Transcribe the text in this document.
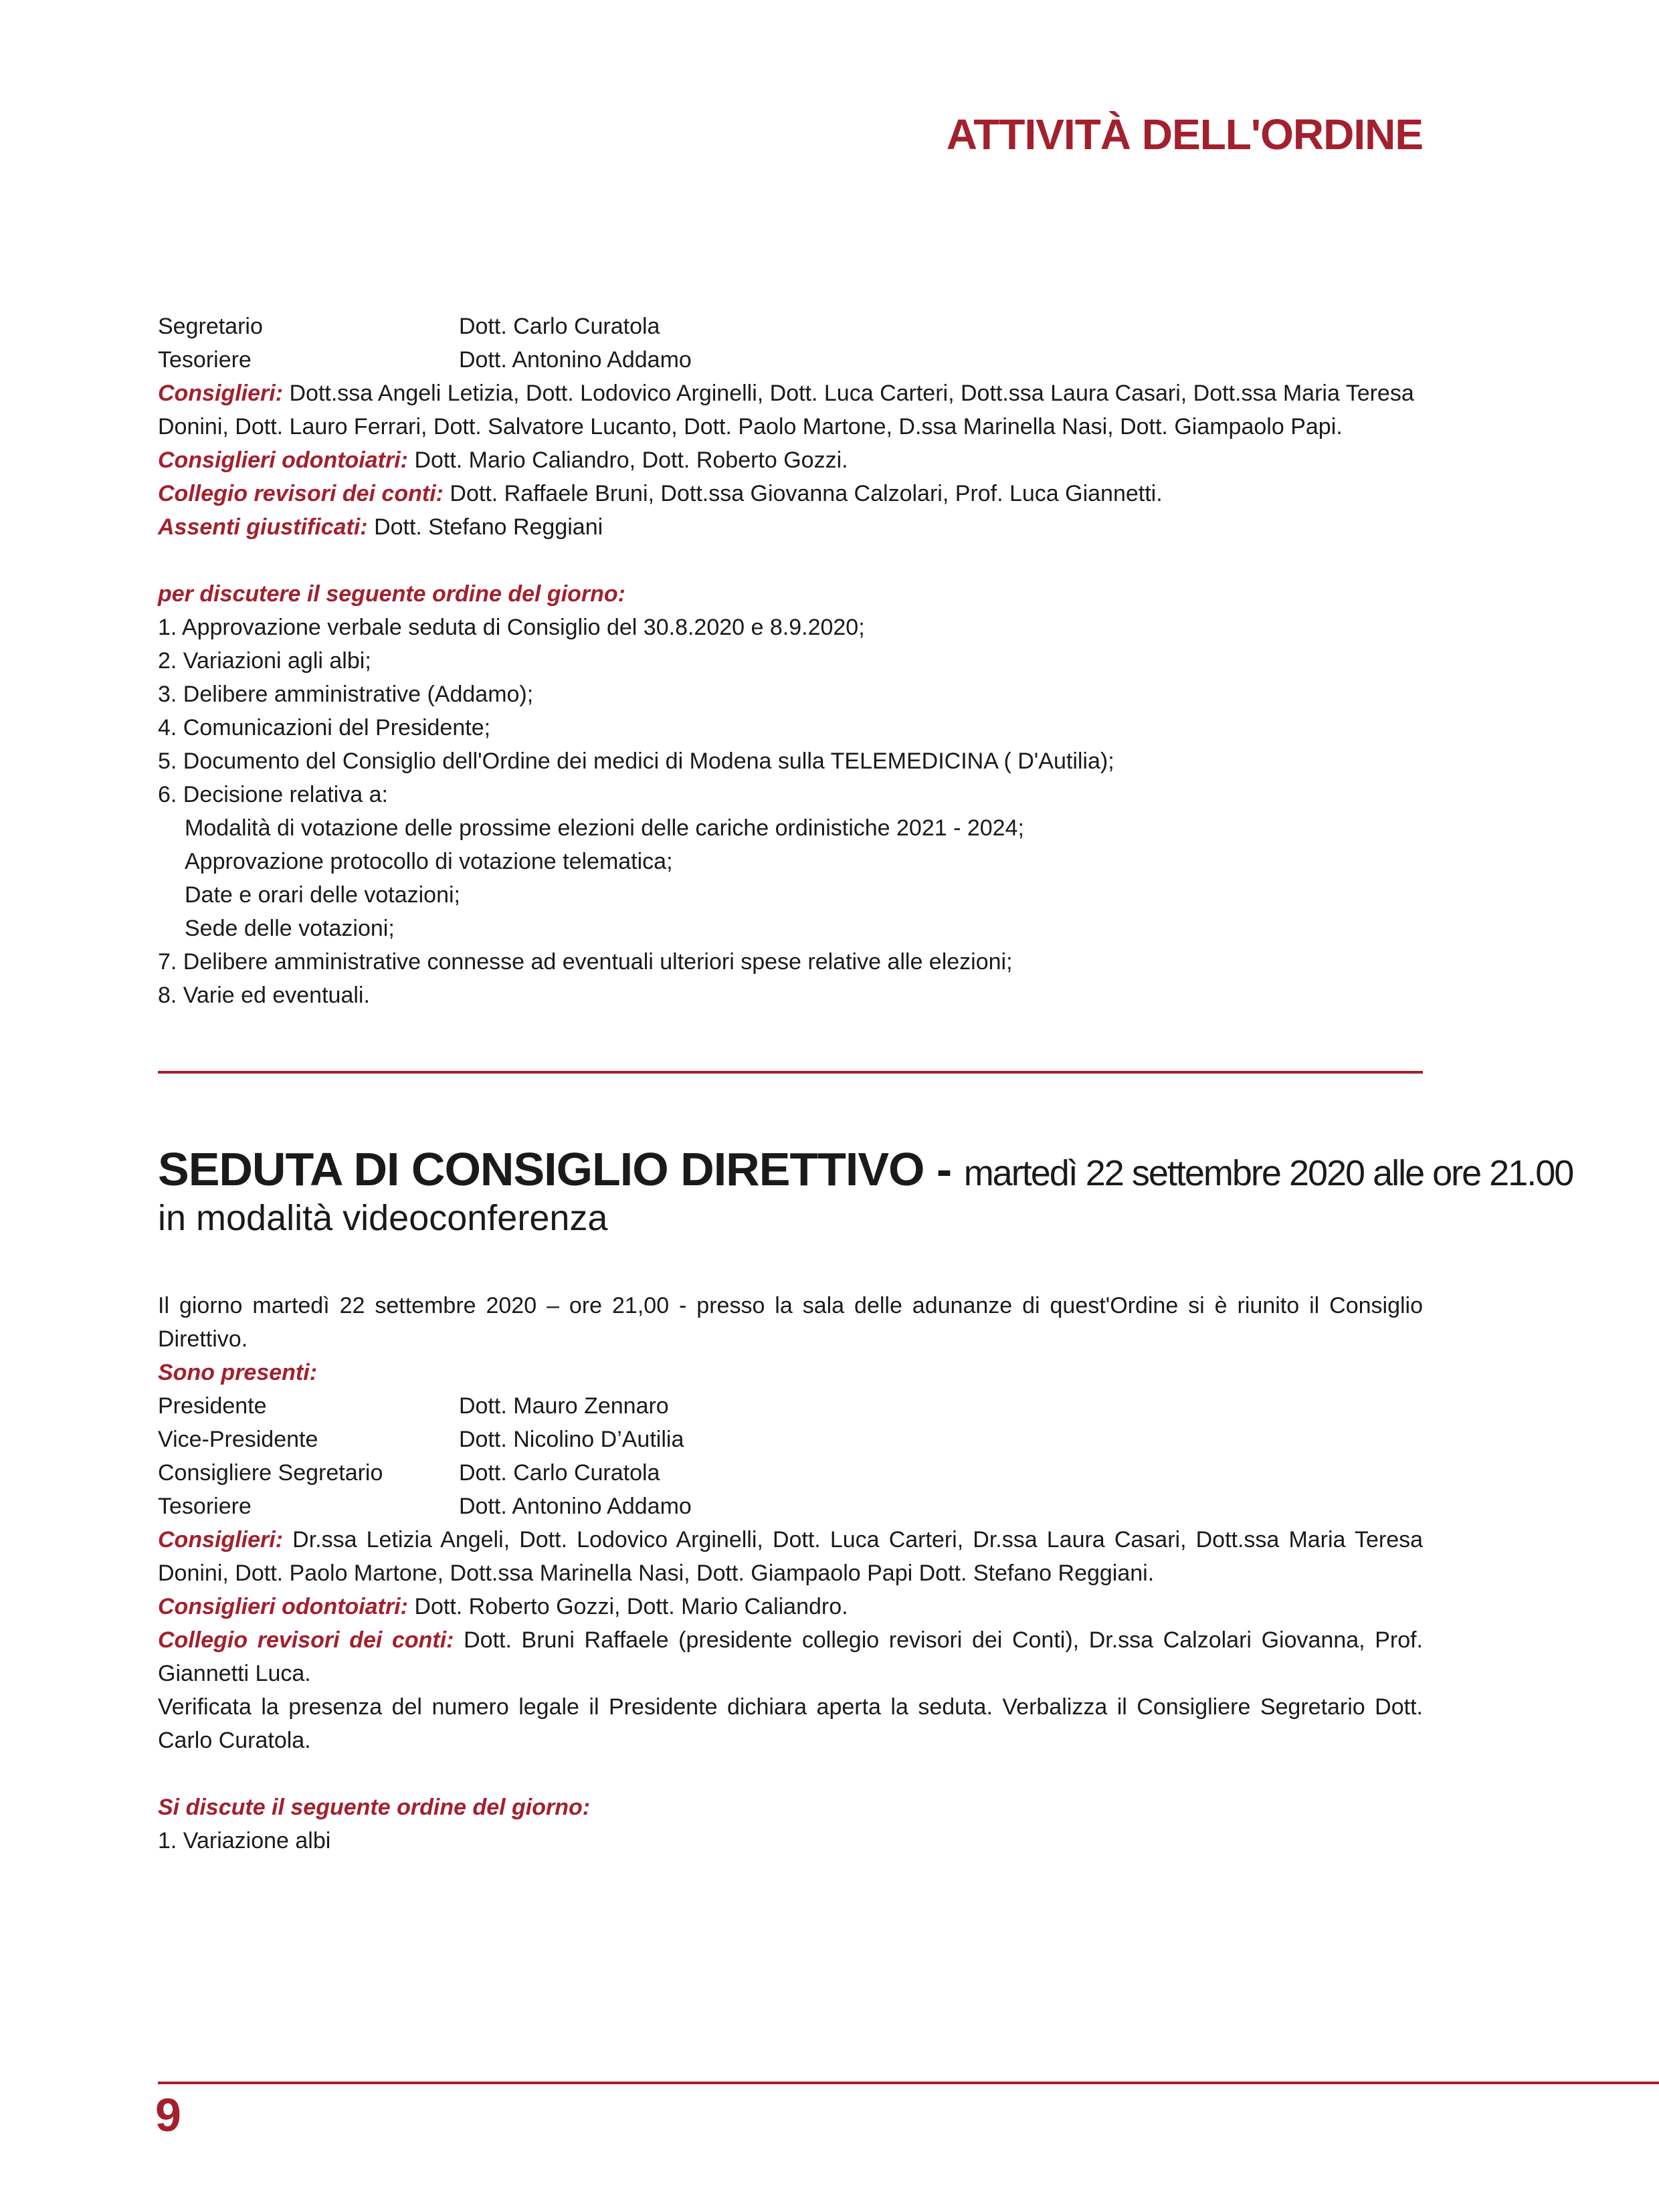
ATTIVITÀ DELL'ORDINE
Segretario	Dott. Carlo Curatola
Tesoriere	Dott. Antonino Addamo
Consiglieri: Dott.ssa Angeli Letizia, Dott. Lodovico Arginelli, Dott. Luca Carteri, Dott.ssa Laura Casari, Dott.ssa Maria Teresa Donini, Dott. Lauro Ferrari, Dott. Salvatore Lucanto, Dott. Paolo Martone, D.ssa Marinella Nasi, Dott. Giampaolo Papi.
Consiglieri odontoiatri: Dott. Mario Caliandro, Dott. Roberto Gozzi.
Collegio revisori dei conti: Dott. Raffaele Bruni, Dott.ssa Giovanna Calzolari, Prof. Luca Giannetti.
Assenti giustificati: Dott. Stefano Reggiani
per discutere il seguente ordine del giorno:
1. Approvazione verbale seduta di Consiglio del 30.8.2020 e 8.9.2020;
2. Variazioni agli albi;
3. Delibere amministrative (Addamo);
4. Comunicazioni del Presidente;
5. Documento del Consiglio dell'Ordine dei medici di Modena sulla TELEMEDICINA ( D'Autilia);
6. Decisione relativa a:
Modalità di votazione delle prossime elezioni delle cariche ordinistiche 2021 - 2024;
Approvazione protocollo di votazione telematica;
Date e orari delle votazioni;
Sede delle votazioni;
7. Delibere amministrative connesse ad eventuali ulteriori spese relative alle elezioni;
8. Varie ed eventuali.
SEDUTA DI CONSIGLIO DIRETTIVO - martedì 22 settembre 2020 alle ore 21.00
in modalità videoconferenza
Il giorno martedì 22 settembre 2020 – ore 21,00 - presso la sala delle adunanze di quest'Ordine si è riunito il Consiglio Direttivo.
Sono presenti:
Presidente	Dott. Mauro Zennaro
Vice-Presidente	Dott. Nicolino D’Autilia
Consigliere Segretario	Dott. Carlo Curatola
Tesoriere	Dott. Antonino Addamo
Consiglieri: Dr.ssa Letizia Angeli, Dott. Lodovico Arginelli, Dott. Luca Carteri, Dr.ssa Laura Casari, Dott.ssa Maria Teresa Donini, Dott. Paolo Martone, Dott.ssa Marinella Nasi, Dott. Giampaolo Papi Dott. Stefano Reggiani.
Consiglieri odontoiatri: Dott. Roberto Gozzi, Dott. Mario Caliandro.
Collegio revisori dei conti: Dott. Bruni Raffaele (presidente collegio revisori dei Conti), Dr.ssa Calzolari Giovanna, Prof. Giannetti Luca.
Verificata la presenza del numero legale il Presidente dichiara aperta la seduta. Verbalizza il Consigliere Segretario Dott. Carlo Curatola.
Si discute il seguente ordine del giorno:
1. Variazione albi
9
